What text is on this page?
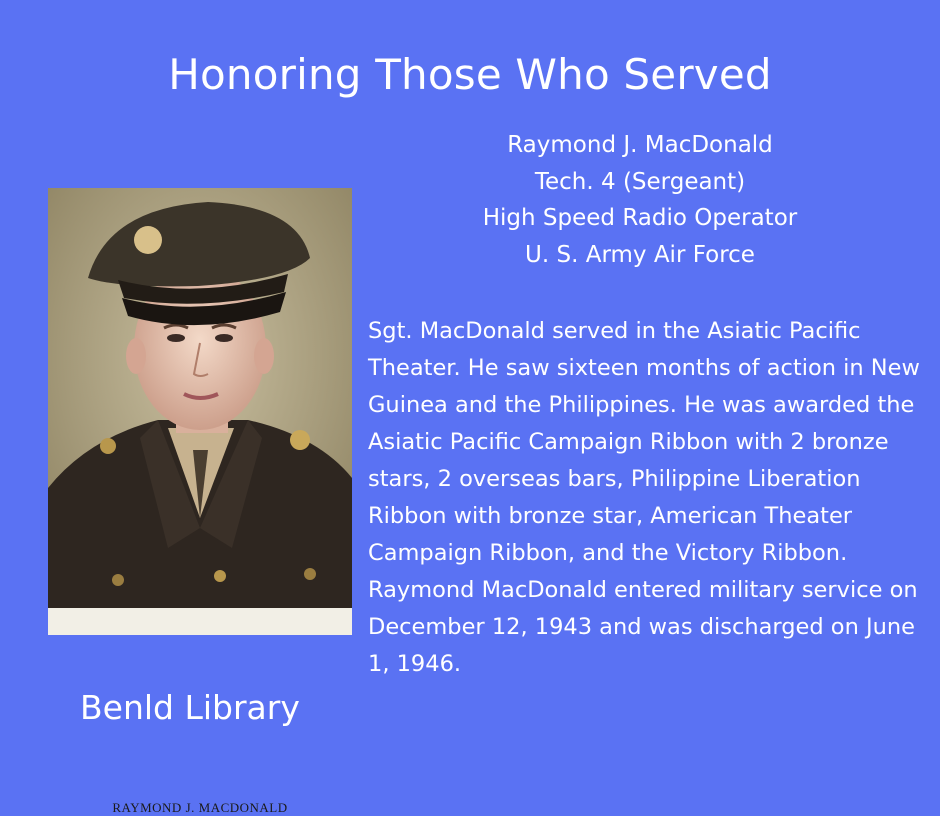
Honoring Those Who Served
Raymond J. MacDonald
Tech. 4 (Sergeant)
High Speed Radio Operator
U. S. Army Air Force
RAYMOND J. MACDONALD

Sgt. MacDonald served in the Asiatic Pacific Theater. He saw sixteen months of action in New Guinea and the Philippines. He was awarded the Asiatic Pacific Campaign Ribbon with 2 bronze stars, 2 overseas bars, Philippine Liberation Ribbon with bronze star, American Theater Campaign Ribbon, and the Victory Ribbon.

Raymond MacDonald entered military service on December 12, 1943 and was discharged on June 1, 1946.

Benld Library
